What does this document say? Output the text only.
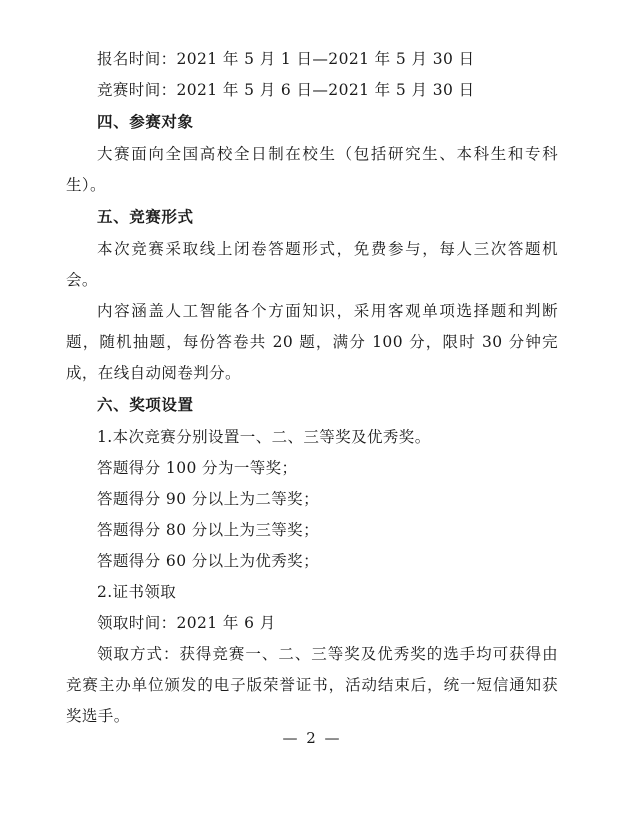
报名时间：2021 年 5 月 1 日—2021 年 5 月 30 日

竞赛时间：2021 年 5 月 6 日—2021 年 5 月 30 日

四、参赛对象

大赛面向全国高校全日制在校生（包括研究生、本科生和专科生）。

五、竞赛形式

本次竞赛采取线上闭卷答题形式，免费参与，每人三次答题机会。

内容涵盖人工智能各个方面知识，采用客观单项选择题和判断题，随机抽题，每份答卷共 20 题，满分 100 分，限时 30 分钟完成，在线自动阅卷判分。

六、奖项设置

1.本次竞赛分别设置一、二、三等奖及优秀奖。

答题得分 100 分为一等奖；

答题得分 90 分以上为二等奖；

答题得分 80 分以上为三等奖；

答题得分 60 分以上为优秀奖；

2.证书领取

领取时间：2021 年 6 月

领取方式：获得竞赛一、二、三等奖及优秀奖的选手均可获得由竞赛主办单位颁发的电子版荣誉证书，活动结束后，统一短信通知获奖选手。

— 2 —
